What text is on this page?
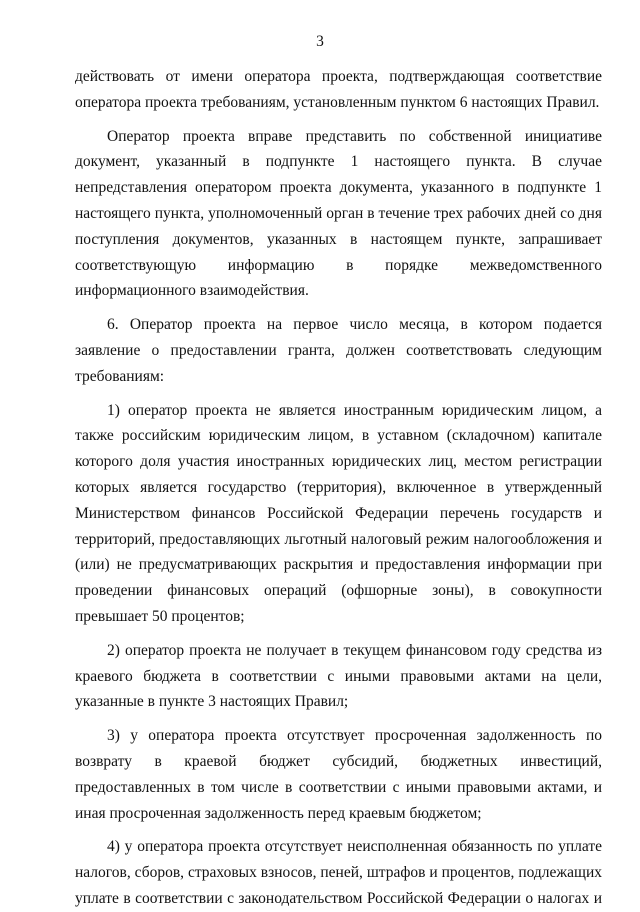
3

действовать от имени оператора проекта, подтверждающая соответствие оператора проекта требованиям, установленным пунктом 6 настоящих Правил.

Оператор проекта вправе представить по собственной инициативе документ, указанный в подпункте 1 настоящего пункта. В случае непредставления оператором проекта документа, указанного в подпункте 1 настоящего пункта, уполномоченный орган в течение трех рабочих дней со дня поступления документов, указанных в настоящем пункте, запрашивает соответствующую информацию в порядке межведомственного информационного взаимодействия.

6. Оператор проекта на первое число месяца, в котором подается заявление о предоставлении гранта, должен соответствовать следующим требованиям:

1) оператор проекта не является иностранным юридическим лицом, а также российским юридическим лицом, в уставном (складочном) капитале которого доля участия иностранных юридических лиц, местом регистрации которых является государство (территория), включенное в утвержденный Министерством финансов Российской Федерации перечень государств и территорий, предоставляющих льготный налоговый режим налогообложения и (или) не предусматривающих раскрытия и предоставления информации при проведении финансовых операций (офшорные зоны), в совокупности превышает 50 процентов;

2) оператор проекта не получает в текущем финансовом году средства из краевого бюджета в соответствии с иными правовыми актами на цели, указанные в пункте 3 настоящих Правил;

3) у оператора проекта отсутствует просроченная задолженность по возврату в краевой бюджет субсидий, бюджетных инвестиций, предоставленных в том числе в соответствии с иными правовыми актами, и иная просроченная задолженность перед краевым бюджетом;

4) у оператора проекта отсутствует неисполненная обязанность по уплате налогов, сборов, страховых взносов, пеней, штрафов и процентов, подлежащих уплате в соответствии с законодательством Российской Федерации о налогах и
